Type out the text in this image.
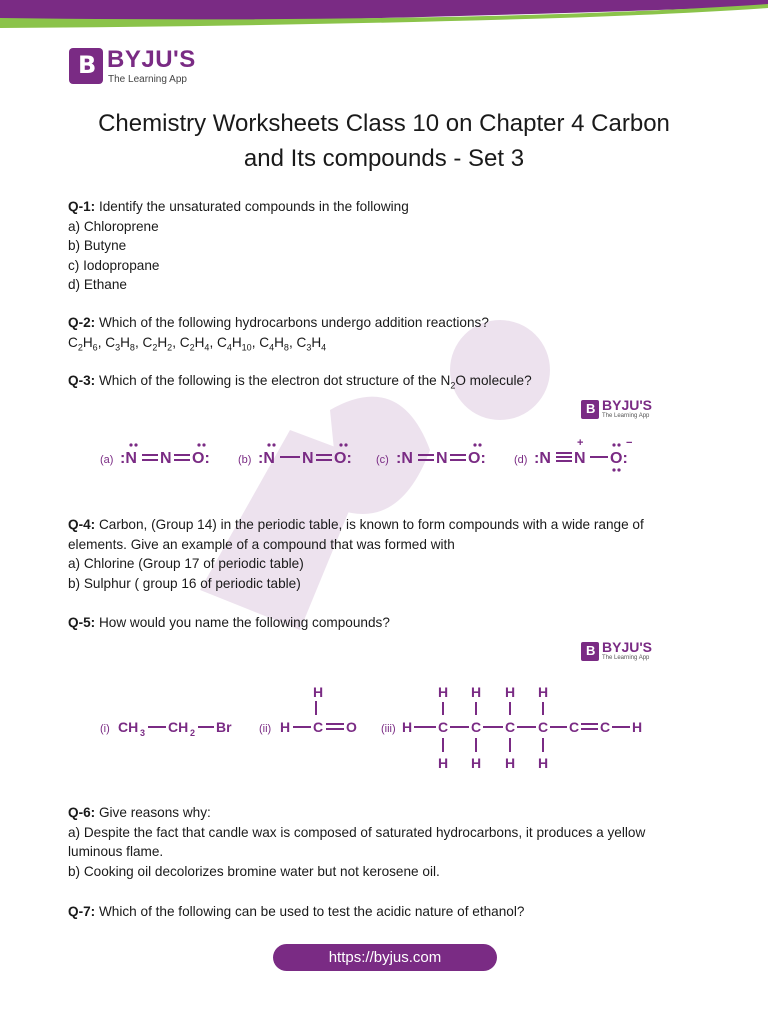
B BYJU'S
The Learning App
Chemistry Worksheets Class 10 on Chapter 4 Carbon
and Its compounds - Set 3
Q-1: Identify the unsaturated compounds in the following
a) Chloroprene
b) Butyne
c) Iodopropane
d) Ethane
Q-2: Which of the following hydrocarbons undergo addition reactions?
$C_2H_6$, $C_3H_8$, $C_2H_2$, $C_2H_4$, $C_4H_{10}$, $C_4H_8$, $C_3H_4$
Q-3: Which of the following is the electron dot structure of the $N_2O$ molecule?
B BYJU'S
The Learning App
(a)	(b)	(c)	(d)
:N N O:	:N N O:	:N N O:	:N N O:
+	−
Q-4: Carbon, (Group 14) in the periodic table, is known to form compounds with a wide range of elements. Give an example of a compound that was formed with
a) Chlorine (Group 17 of periodic table)
b) Sulphur ( group 16 of periodic table)
Q-5: How would you name the following compounds?
B BYJU'S
The Learning App
(i)	(ii)	(iii)
CH 3 CH 2 Br	H C
H
O	H C C C C C C H
H H H H
H H H H
Q-6: Give reasons why:
a) Despite the fact that candle wax is composed of saturated hydrocarbons, it produces a yellow luminous flame.
b) Cooking oil decolorizes bromine water but not kerosene oil.
Q-7: Which of the following can be used to test the acidic nature of ethanol?
https://byjus.com
